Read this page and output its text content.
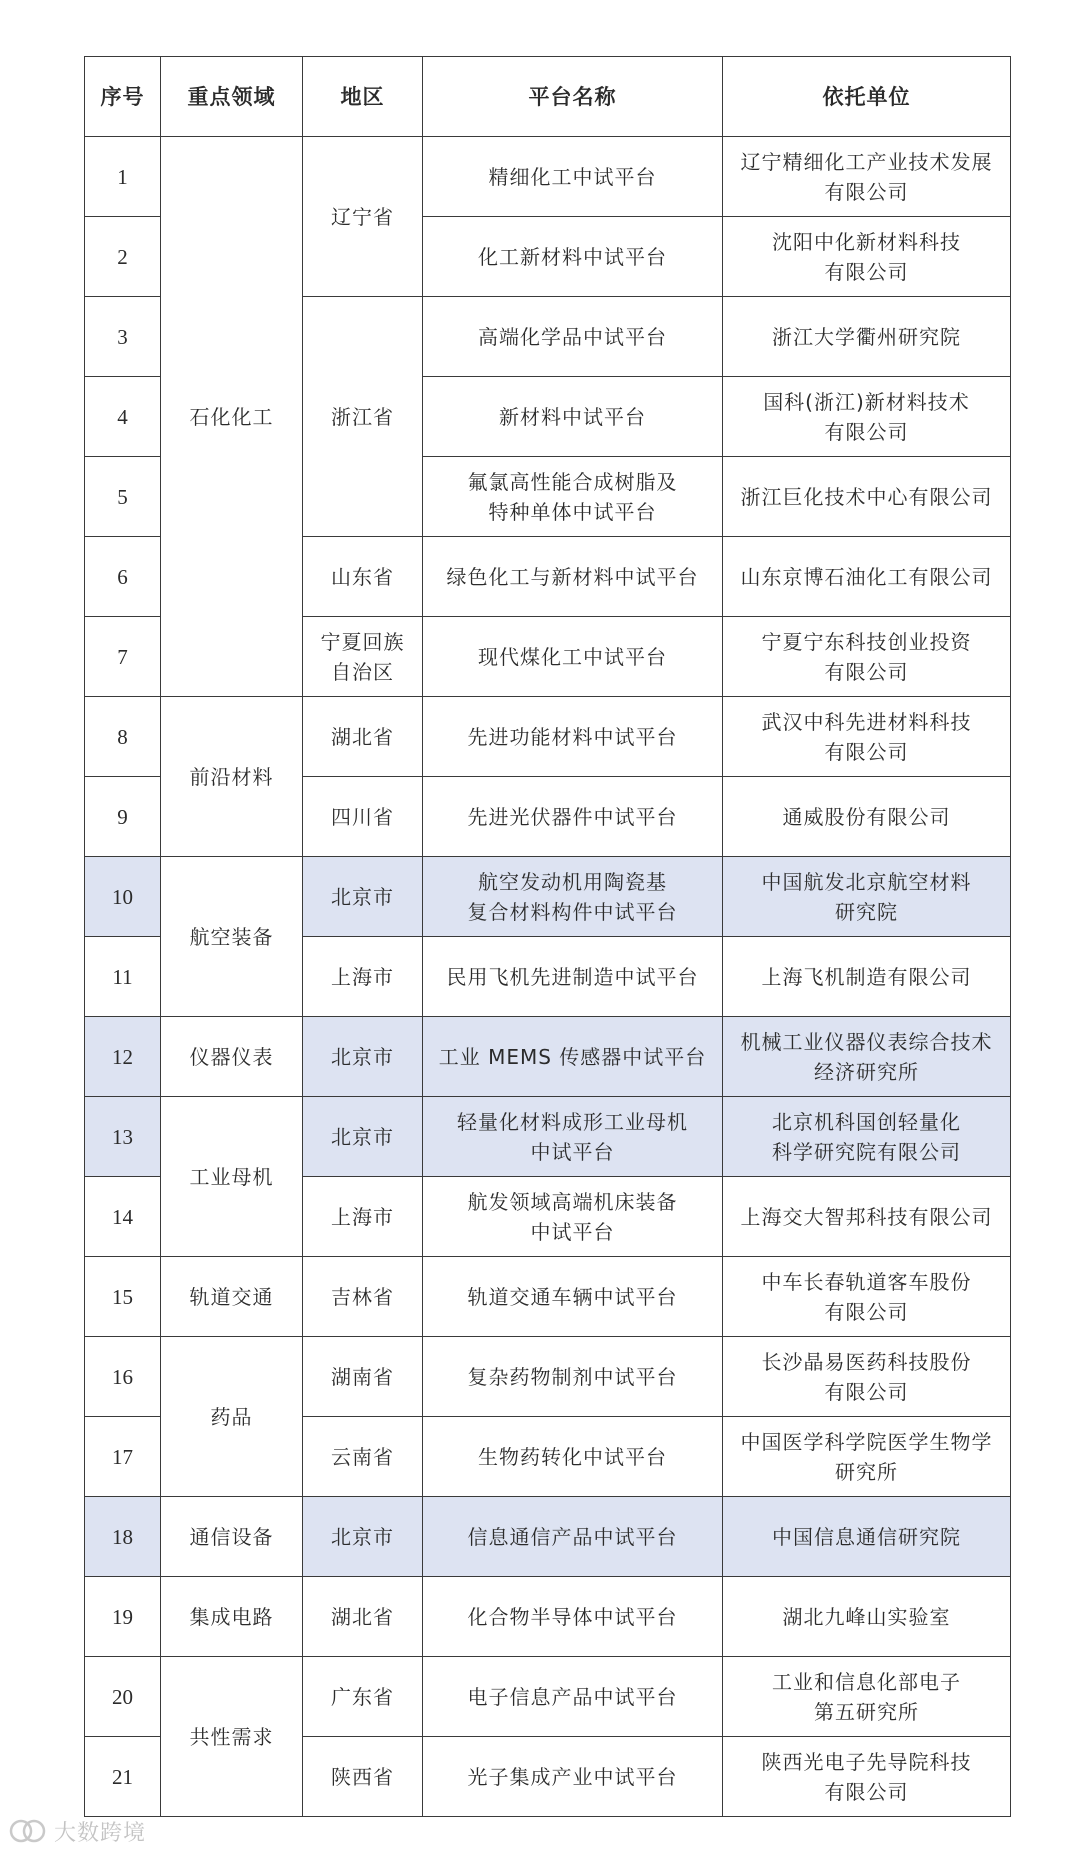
序号	重点领域	地区	平台名称	依托单位
1	石化化工	辽宁省	精细化工中试平台	辽宁精细化工产业技术发展
有限公司
2			化工新材料中试平台	沈阳中化新材料科技
有限公司
3		浙江省	高端化学品中试平台	浙江大学衢州研究院
4			新材料中试平台	国科(浙江)新材料技术
有限公司
5			氟氯高性能合成树脂及
特种单体中试平台	浙江巨化技术中心有限公司
6		山东省	绿色化工与新材料中试平台	山东京博石油化工有限公司
7		宁夏回族
自治区	现代煤化工中试平台	宁夏宁东科技创业投资
有限公司
8	前沿材料	湖北省	先进功能材料中试平台	武汉中科先进材料科技
有限公司
9		四川省	先进光伏器件中试平台	通威股份有限公司
10	航空装备	北京市	航空发动机用陶瓷基
复合材料构件中试平台	中国航发北京航空材料
研究院
11		上海市	民用飞机先进制造中试平台	上海飞机制造有限公司
12	仪器仪表	北京市	工业 MEMS 传感器中试平台	机械工业仪器仪表综合技术
经济研究所
13	工业母机	北京市	轻量化材料成形工业母机
中试平台	北京机科国创轻量化
科学研究院有限公司
14		上海市	航发领域高端机床装备
中试平台	上海交大智邦科技有限公司
15	轨道交通	吉林省	轨道交通车辆中试平台	中车长春轨道客车股份
有限公司
16	药品	湖南省	复杂药物制剂中试平台	长沙晶易医药科技股份
有限公司
17		云南省	生物药转化中试平台	中国医学科学院医学生物学
研究所
18	通信设备	北京市	信息通信产品中试平台	中国信息通信研究院
19	集成电路	湖北省	化合物半导体中试平台	湖北九峰山实验室
20	共性需求	广东省	电子信息产品中试平台	工业和信息化部电子
第五研究所
21		陕西省	光子集成产业中试平台	陕西光电子先导院科技
有限公司
大数跨境
